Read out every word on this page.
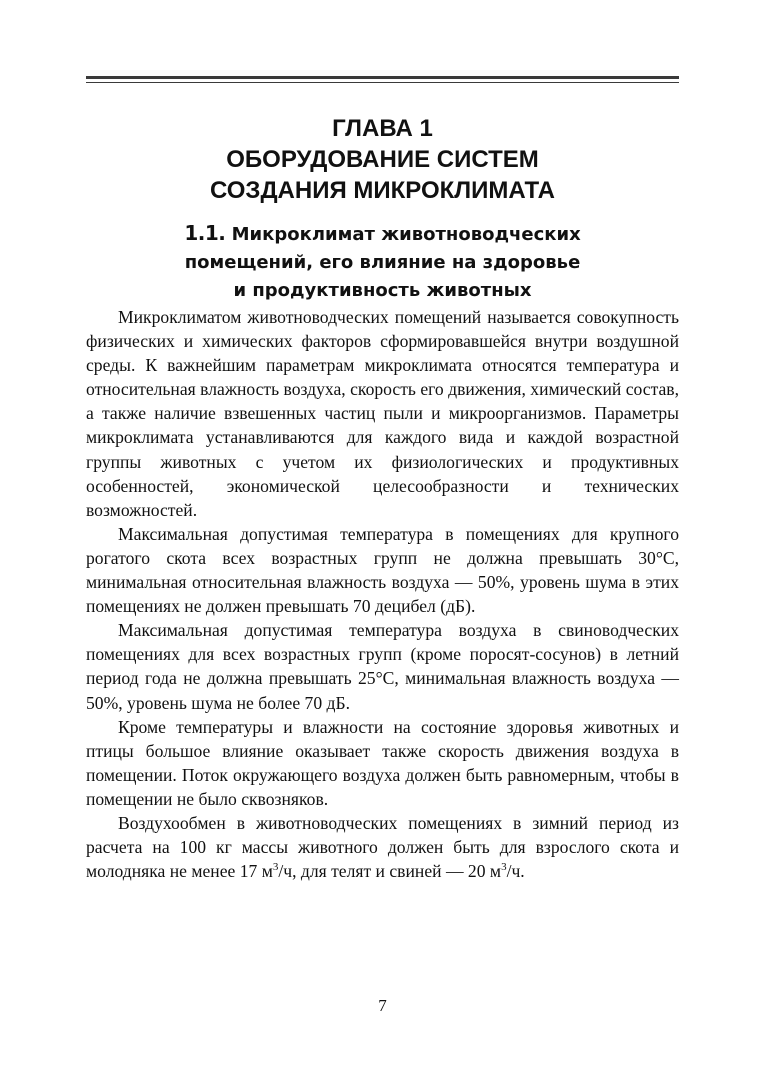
ГЛАВА 1
ОБОРУДОВАНИЕ СИСТЕМ
СОЗДАНИЯ МИКРОКЛИМАТА
1.1. Микроклимат животноводческих
помещений, его влияние на здоровье
и продуктивность животных

Микроклиматом животноводческих помещений называется совокупность физических и химических факторов сформировавшейся внутри воздушной среды. К важнейшим параметрам микроклимата относятся температура и относительная влажность воздуха, скорость его движения, химический состав, а также наличие взвешенных частиц пыли и микроорганизмов. Параметры микроклимата устанавливаются для каждого вида и каждой возрастной группы животных с учетом их физиологических и продуктивных особенностей, экономической целесообразности и технических возможностей.

Максимальная допустимая температура в помещениях для крупного рогатого скота всех возрастных групп не должна превышать 30°C, минимальная относительная влажность воздуха — 50%, уровень шума в этих помещениях не должен превышать 70 децибел (дБ).

Максимальная допустимая температура воздуха в свиноводческих помещениях для всех возрастных групп (кроме поросят-сосунов) в летний период года не должна превышать 25°C, минимальная влажность воздуха — 50%, уровень шума не более 70 дБ.

Кроме температуры и влажности на состояние здоровья животных и птицы большое влияние оказывает также скорость движения воздуха в помещении. Поток окружающего воздуха должен быть равномерным, чтобы в помещении не было сквозняков.

Воздухообмен в животноводческих помещениях в зимний период из расчета на 100 кг массы животного должен быть для взрослого скота и молодняка не менее 17 $м^3/ч$, для телят и свиней — 20 $м^3/ч$.

7
